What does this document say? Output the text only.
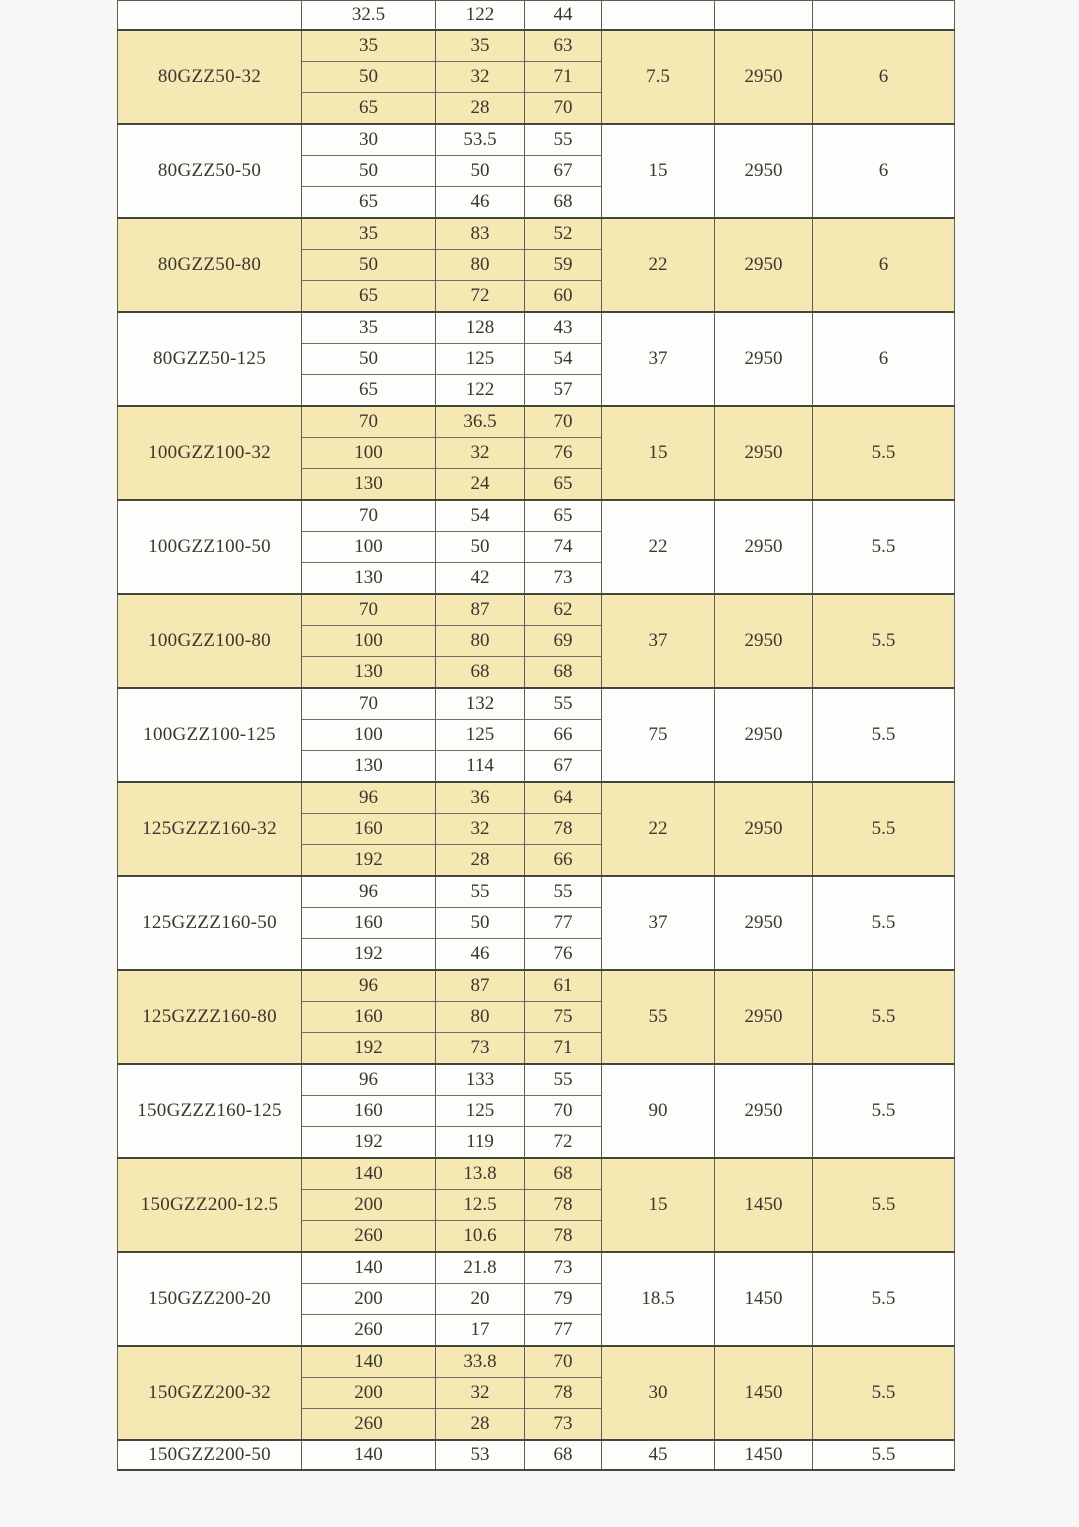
	32.5	122	44			
80GZZ50-32	35	35	63	7.5	2950	6
	50	32	71			
	65	28	70			
80GZZ50-50	30	53.5	55	15	2950	6
	50	50	67			
	65	46	68			
80GZZ50-80	35	83	52	22	2950	6
	50	80	59			
	65	72	60			
80GZZ50-125	35	128	43	37	2950	6
	50	125	54			
	65	122	57			
100GZZ100-32	70	36.5	70	15	2950	5.5
	100	32	76			
	130	24	65			
100GZZ100-50	70	54	65	22	2950	5.5
	100	50	74			
	130	42	73			
100GZZ100-80	70	87	62	37	2950	5.5
	100	80	69			
	130	68	68			
100GZZ100-125	70	132	55	75	2950	5.5
	100	125	66			
	130	114	67			
125GZZZ160-32	96	36	64	22	2950	5.5
	160	32	78			
	192	28	66			
125GZZZ160-50	96	55	55	37	2950	5.5
	160	50	77			
	192	46	76			
125GZZZ160-80	96	87	61	55	2950	5.5
	160	80	75			
	192	73	71			
150GZZZ160-125	96	133	55	90	2950	5.5
	160	125	70			
	192	119	72			
150GZZ200-12.5	140	13.8	68	15	1450	5.5
	200	12.5	78			
	260	10.6	78			
150GZZ200-20	140	21.8	73	18.5	1450	5.5
	200	20	79			
	260	17	77			
150GZZ200-32	140	33.8	70	30	1450	5.5
	200	32	78			
	260	28	73			
150GZZ200-50	140	53	68	45	1450	5.5
